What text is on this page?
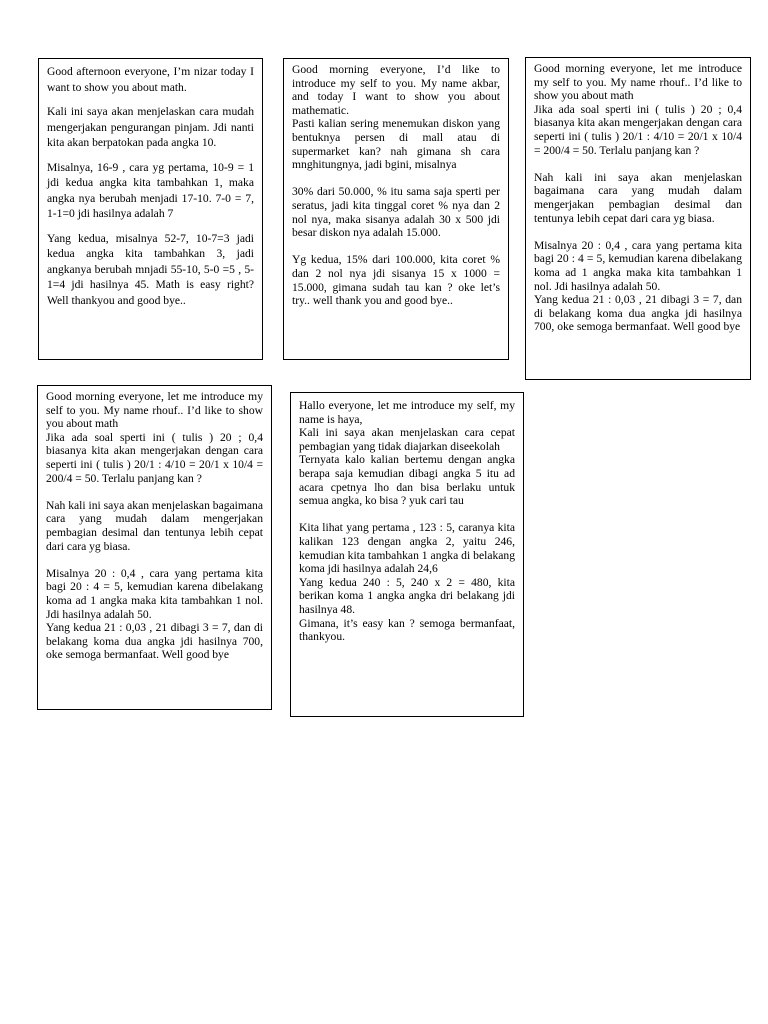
Good afternoon everyone, I’m nizar today I want to show you about math.

Kali ini saya akan menjelaskan cara mudah mengerjakan pengurangan pinjam. Jdi nanti kita akan berpatokan pada angka 10.

Misalnya, 16-9 , cara yg pertama, 10-9 = 1 jdi kedua angka kita tambahkan 1, maka angka nya berubah menjadi 17-10. 7-0 = 7, 1-1=0 jdi hasilnya adalah 7

Yang kedua, misalnya 52-7, 10-7=3 jadi kedua angka kita tambahkan 3, jadi angkanya berubah mnjadi 55-10, 5-0 =5 , 5-1=4 jdi hasilnya 45. Math is easy right? Well thankyou and good bye..

Good morning everyone, I’d like to introduce my self to you. My name akbar, and today I want to show you about mathematic.
Pasti kalian sering menemukan diskon yang bentuknya persen di mall atau di supermarket kan? nah gimana sh cara mnghitungnya, jadi bgini, misalnya

30% dari 50.000, % itu sama saja sperti per seratus, jadi kita tinggal coret % nya dan 2 nol nya, maka sisanya adalah 30 x 500 jdi besar diskon nya adalah 15.000.

Yg kedua, 15% dari 100.000, kita coret % dan 2 nol nya jdi sisanya 15 x 1000 = 15.000, gimana sudah tau kan ? oke let’s try.. well thank you and good bye..

Good morning everyone, let me introduce my self to you. My name rhouf.. I’d like to show you about math
Jika ada soal sperti ini ( tulis ) 20 ; 0,4 biasanya kita akan mengerjakan dengan cara seperti ini ( tulis ) 20/1 : 4/10 = 20/1 x 10/4 = 200/4 = 50. Terlalu panjang kan ?

Nah kali ini saya akan menjelaskan bagaimana cara yang mudah dalam mengerjakan pembagian desimal dan tentunya lebih cepat dari cara yg biasa.

Misalnya 20 : 0,4 , cara yang pertama kita bagi 20 : 4 = 5, kemudian karena dibelakang koma ad 1 angka maka kita tambahkan 1 nol. Jdi hasilnya adalah 50.
Yang kedua 21 : 0,03 , 21 dibagi 3 = 7, dan di belakang koma dua angka jdi hasilnya 700, oke semoga bermanfaat. Well good bye

Good morning everyone, let me introduce my self to you. My name rhouf.. I’d like to show you about math
Jika ada soal sperti ini ( tulis ) 20 ; 0,4 biasanya kita akan mengerjakan dengan cara seperti ini ( tulis ) 20/1 : 4/10 = 20/1 x 10/4 = 200/4 = 50. Terlalu panjang kan ?

Nah kali ini saya akan menjelaskan bagaimana cara yang mudah dalam mengerjakan pembagian desimal dan tentunya lebih cepat dari cara yg biasa.

Misalnya 20 : 0,4 , cara yang pertama kita bagi 20 : 4 = 5, kemudian karena dibelakang koma ad 1 angka maka kita tambahkan 1 nol. Jdi hasilnya adalah 50.
Yang kedua 21 : 0,03 , 21 dibagi 3 = 7, dan di belakang koma dua angka jdi hasilnya 700, oke semoga bermanfaat. Well good bye

Hallo everyone, let me introduce my self, my name is haya,
Kali ini saya akan menjelaskan cara cepat pembagian yang tidak diajarkan diseekolah
Ternyata kalo kalian bertemu dengan angka berapa saja kemudian dibagi angka 5 itu ad acara cpetnya lho dan bisa berlaku untuk semua angka, ko bisa ? yuk cari tau

Kita lihat yang pertama , 123 : 5, caranya kita kalikan 123 dengan angka 2, yaitu 246, kemudian kita tambahkan 1 angka di belakang koma jdi hasilnya adalah 24,6
Yang kedua 240 : 5, 240 x 2 = 480, kita berikan koma 1 angka angka dri belakang jdi hasilnya 48.
Gimana, it’s easy kan ? semoga bermanfaat, thankyou.
